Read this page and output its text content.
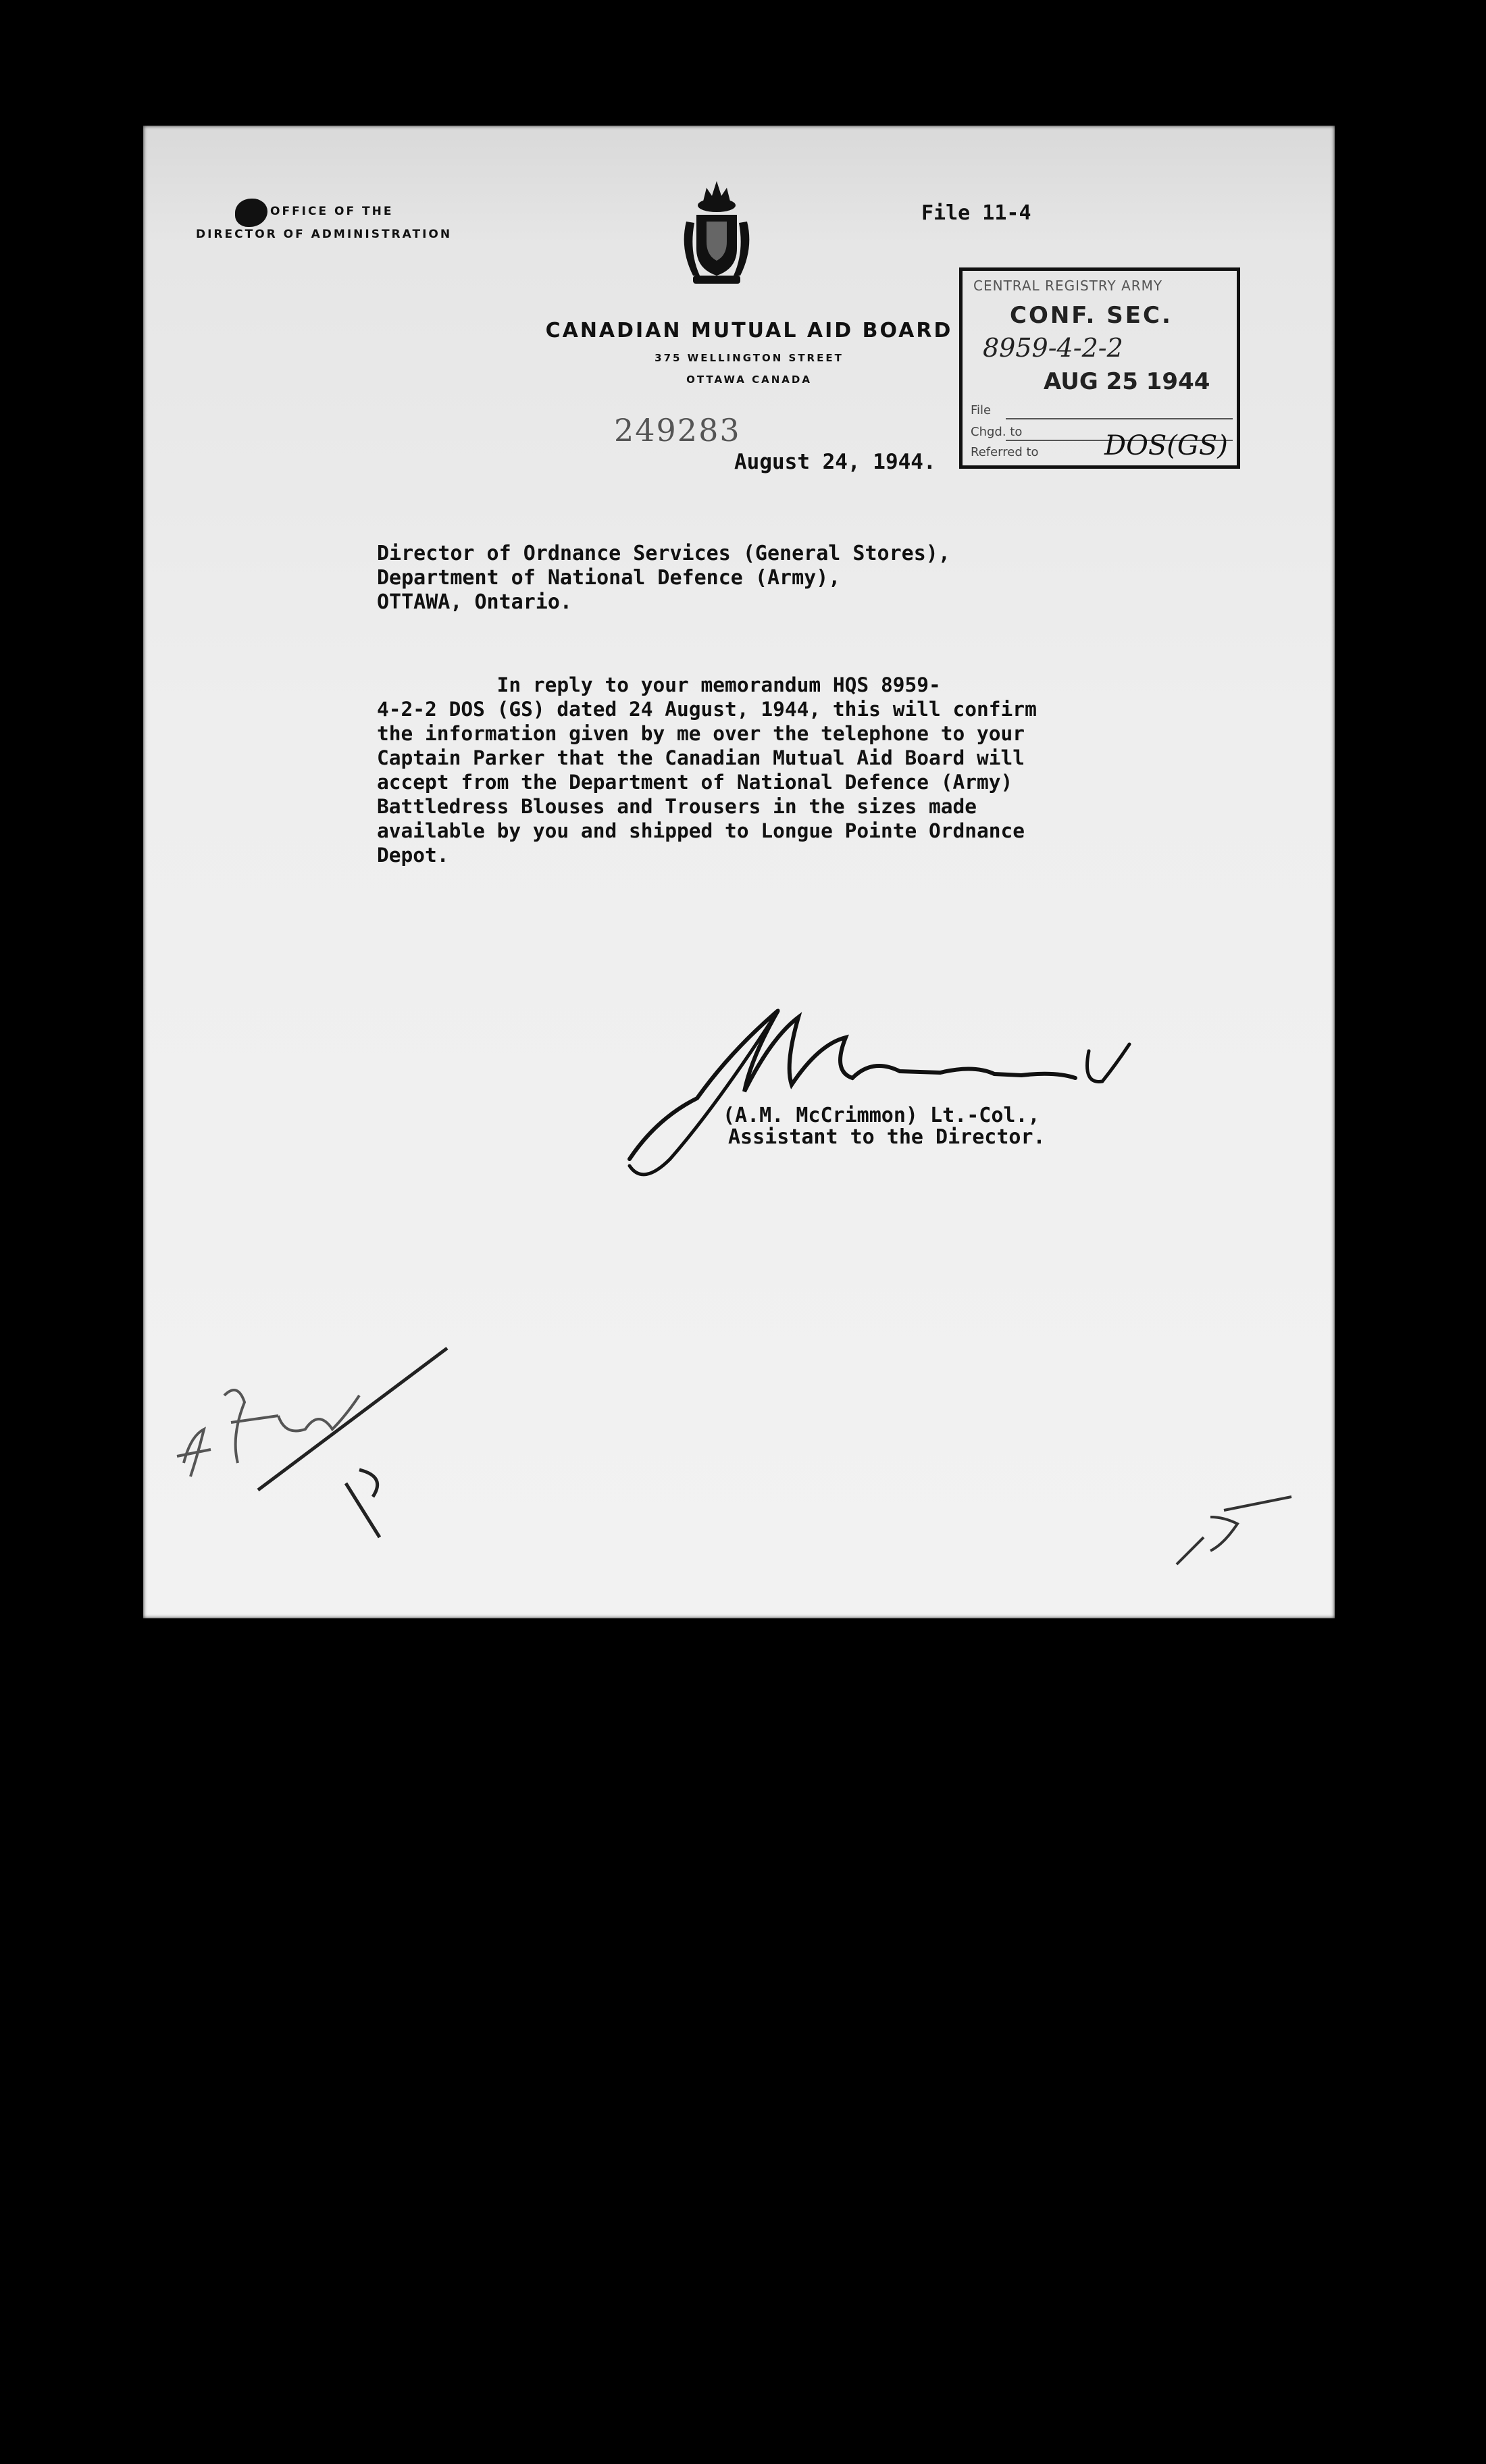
OFFICE OF THE
DIRECTOR OF ADMINISTRATION
CANADIAN MUTUAL AID BOARD
375 WELLINGTON STREET
OTTAWA CANADA
File 11-4
CENTRAL REGISTRY ARMY
CONF. SEC.
8959-4-2-2
AUG 25 1944
File
Chgd. to
Referred to DOS(GS)
249283
August 24, 1944.
Director of Ordnance Services (General Stores),
Department of National Defence (Army),
OTTAWA, Ontario.
In reply to your memorandum HQS 8959-
4-2-2 DOS (GS) dated 24 August, 1944, this will confirm
the information given by me over the telephone to your
Captain Parker that the Canadian Mutual Aid Board will
accept from the Department of National Defence (Army)
Battledress Blouses and Trousers in the sizes made
available by you and shipped to Longue Pointe Ordnance
Depot.
(A.M. McCrimmon) Lt.-Col.,
Assistant to the Director.
